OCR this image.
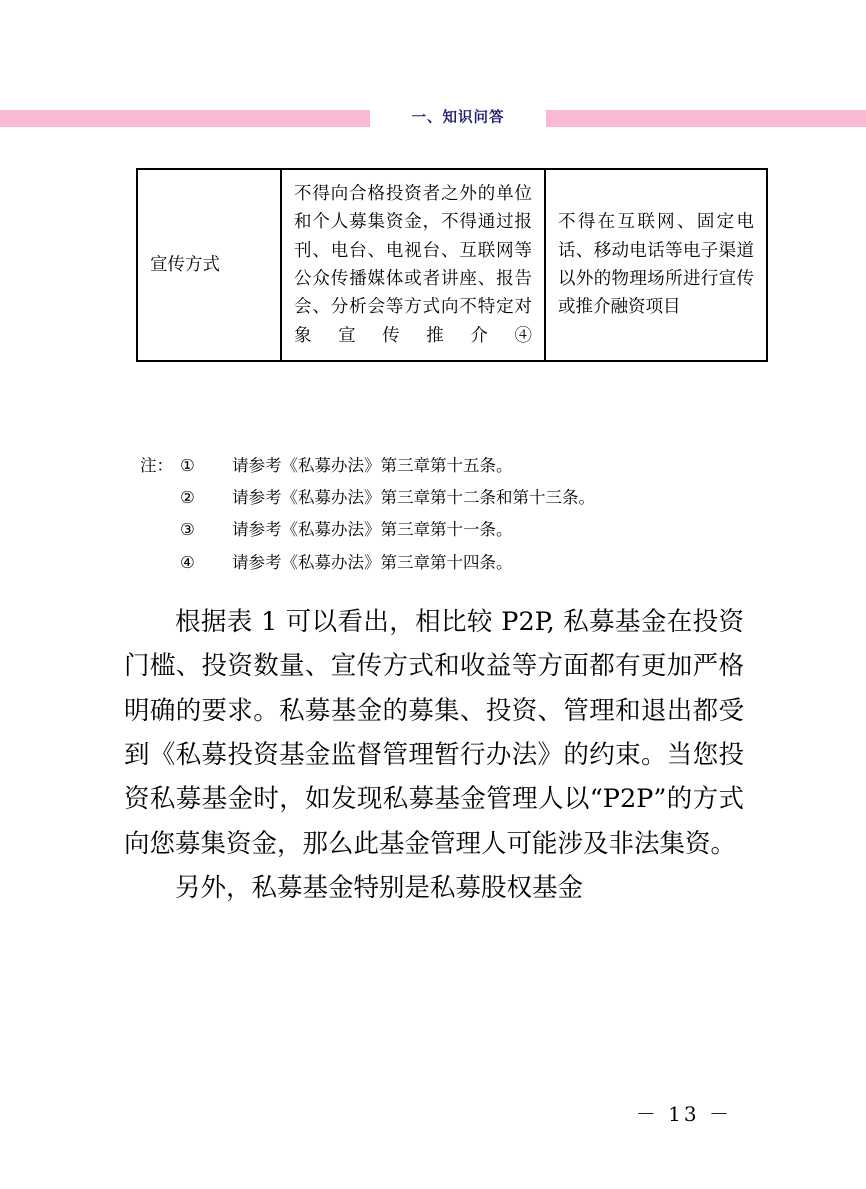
一、知识问答
宣传方式	不得向合格投资者之外的单位和个人募集资金，不得通过报刊、电台、电视台、互联网等公众传播媒体或者讲座、报告会、分析会等方式向不特定对象宣传推介④	不得在互联网、固定电话、移动电话等电子渠道以外的物理场所进行宣传或推介融资项目
注： ①	请参考《私募办法》第三章第十五条。
②	请参考《私募办法》第三章第十二条和第十三条。
③	请参考《私募办法》第三章第十一条。
④	请参考《私募办法》第三章第十四条。

根据表 1 可以看出，相比较 P2P, 私募基金在投资门槛、投资数量、宣传方式和收益等方面都有更加严格明确的要求。私募基金的募集、投资、管理和退出都受到《私募投资基金监督管理暂行办法》的约束。当您投资私募基金时，如发现私募基金管理人以“P2P”的方式向您募集资金，那么此基金管理人可能涉及非法集资。

另外，私募基金特别是私募股权基金

－ 13 －
